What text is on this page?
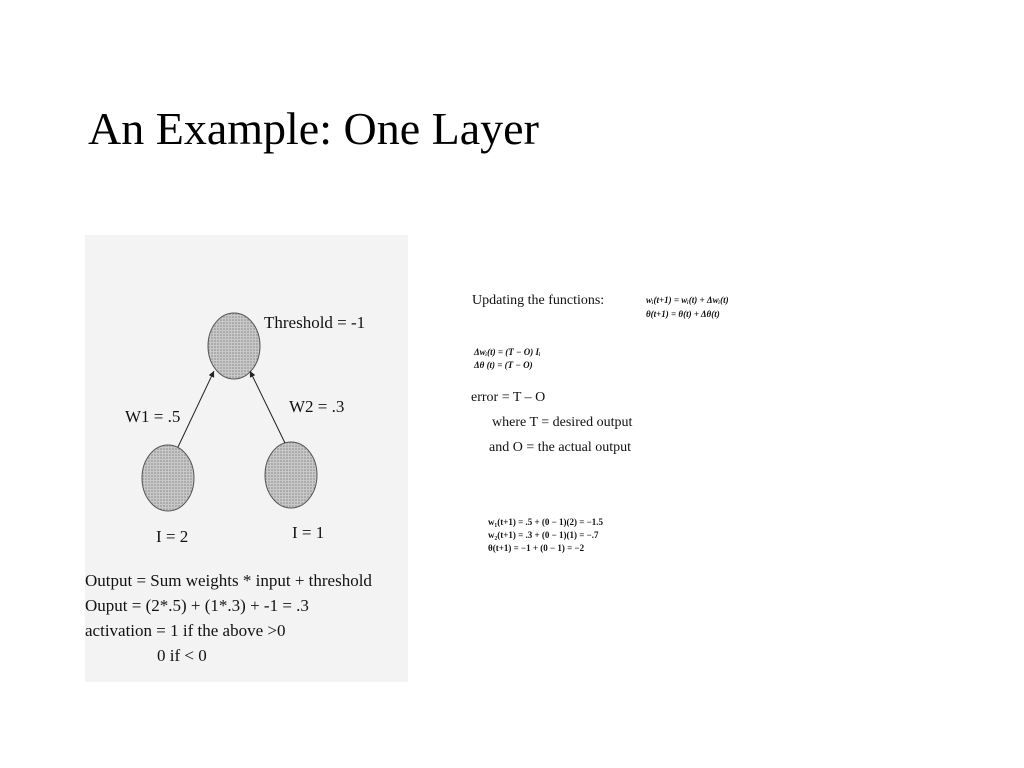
An Example: One Layer
Threshold = -1
W1 = .5
W2 = .3
I = 2	I = 1
Output = Sum weights * input + threshold
Ouput = (2*.5) + (1*.3) + -1 = .3
activation = 1 if the above >0
0 if < 0
Updating the functions:	wᵢ(t+1) = wᵢ(t) + Δwᵢ(t)
θ(t+1) = θ(t) + Δθ(t)
Δwᵢ(t) = (T − O) Iᵢ
Δθ (t) = (T − O)
error = T – O
where T = desired output
and O = the actual output
w₁(t+1) = .5 + (0 − 1)(2) = −1.5
w₂(t+1) = .3 + (0 − 1)(1) = −.7
θ(t+1) = −1 + (0 − 1) = −2
